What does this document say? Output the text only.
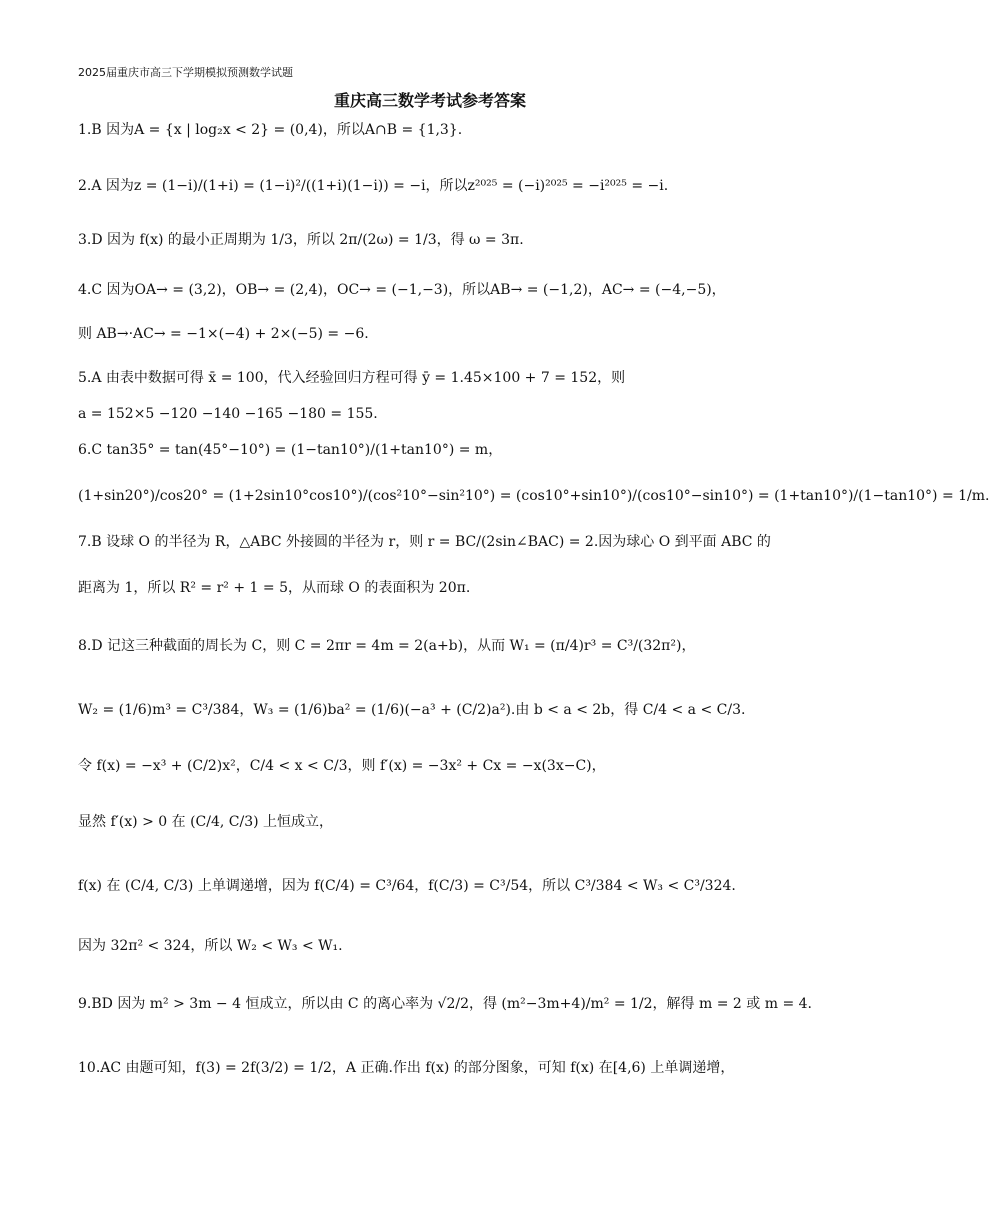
2025届重庆市高三下学期模拟预测数学试题
重庆高三数学考试参考答案
1.B 因为A = {x | log₂x < 2} = (0,4)，所以A∩B = {1,3}.
2.A 因为z = (1−i)/(1+i) = (1−i)²/((1+i)(1−i)) = −i，所以z²⁰²⁵ = (−i)²⁰²⁵ = −i²⁰²⁵ = −i.
3.D 因为 f(x) 的最小正周期为 1/3，所以 2π/(2ω) = 1/3，得 ω = 3π.
4.C 因为OA→ = (3,2)，OB→ = (2,4)，OC→ = (−1,−3)，所以AB→ = (−1,2)，AC→ = (−4,−5)，
则 AB→·AC→ = −1×(−4) + 2×(−5) = −6.
5.A 由表中数据可得 x̄ = 100，代入经验回归方程可得 ȳ = 1.45×100 + 7 = 152，则
a = 152×5 −120 −140 −165 −180 = 155.
6.C tan35° = tan(45°−10°) = (1−tan10°)/(1+tan10°) = m，
(1+sin20°)/cos20° = (1+2sin10°cos10°)/(cos²10°−sin²10°) = (cos10°+sin10°)/(cos10°−sin10°) = (1+tan10°)/(1−tan10°) = 1/m.
7.B 设球 O 的半径为 R，△ABC 外接圆的半径为 r，则 r = BC/(2sin∠BAC) = 2.因为球心 O 到平面 ABC 的
距离为 1，所以 R² = r² + 1 = 5，从而球 O 的表面积为 20π.
8.D 记这三种截面的周长为 C，则 C = 2πr = 4m = 2(a+b)，从而 W₁ = (π/4)r³ = C³/(32π²)，
W₂ = (1/6)m³ = C³/384，W₃ = (1/6)ba² = (1/6)(−a³ + (C/2)a²).由 b < a < 2b，得 C/4 < a < C/3.
令 f(x) = −x³ + (C/2)x²，C/4 < x < C/3，则 f′(x) = −3x² + Cx = −x(3x−C)，
显然 f′(x) > 0 在 (C/4, C/3) 上恒成立，
f(x) 在 (C/4, C/3) 上单调递增，因为 f(C/4) = C³/64，f(C/3) = C³/54，所以 C³/384 < W₃ < C³/324.
因为 32π² < 324，所以 W₂ < W₃ < W₁.
9.BD 因为 m² > 3m − 4 恒成立，所以由 C 的离心率为 √2/2，得 (m²−3m+4)/m² = 1/2，解得 m = 2 或 m = 4.
10.AC 由题可知，f(3) = 2f(3/2) = 1/2，A 正确.作出 f(x) 的部分图象，可知 f(x) 在[4,6) 上单调递增，
